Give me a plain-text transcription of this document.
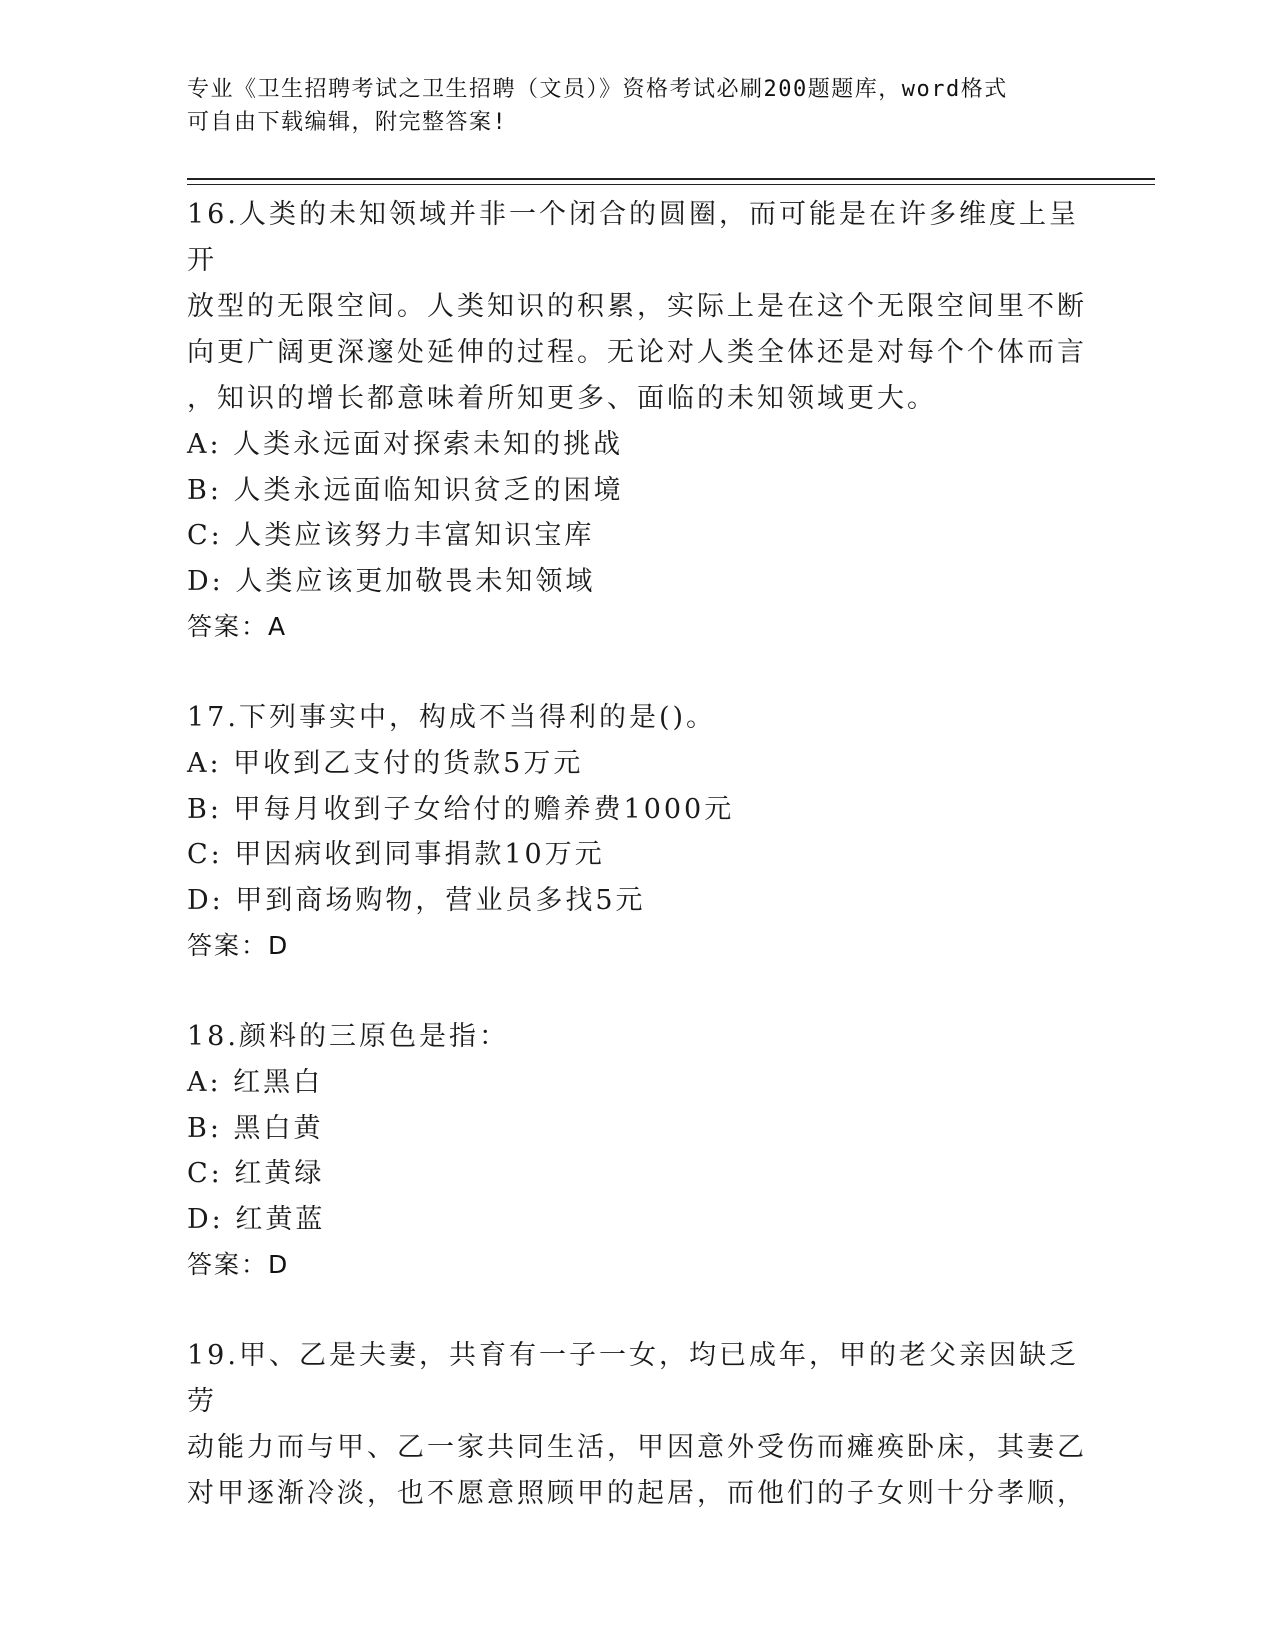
专业《卫生招聘考试之卫生招聘（文员）》资格考试必刷200题题库，word格式
可自由下载编辑，附完整答案!

16.人类的未知领域并非一个闭合的圆圈，而可能是在许多维度上呈开

放型的无限空间。人类知识的积累，实际上是在这个无限空间里不断

向更广阔更深邃处延伸的过程。无论对人类全体还是对每个个体而言

，知识的增长都意味着所知更多、面临的未知领域更大。

A: 人类永远面对探索未知的挑战

B: 人类永远面临知识贫乏的困境

C: 人类应该努力丰富知识宝库

D: 人类应该更加敬畏未知领域

答案：A

17.下列事实中，构成不当得利的是()。

A: 甲收到乙支付的货款5万元

B: 甲每月收到子女给付的赡养费1000元

C: 甲因病收到同事捐款10万元

D: 甲到商场购物，营业员多找5元

答案：D

18.颜料的三原色是指：

A: 红黑白

B: 黑白黄

C: 红黄绿

D: 红黄蓝

答案：D

19.甲、乙是夫妻，共育有一子一女，均已成年，甲的老父亲因缺乏劳

动能力而与甲、乙一家共同生活，甲因意外受伤而瘫痪卧床，其妻乙

对甲逐渐冷淡，也不愿意照顾甲的起居，而他们的子女则十分孝顺，
